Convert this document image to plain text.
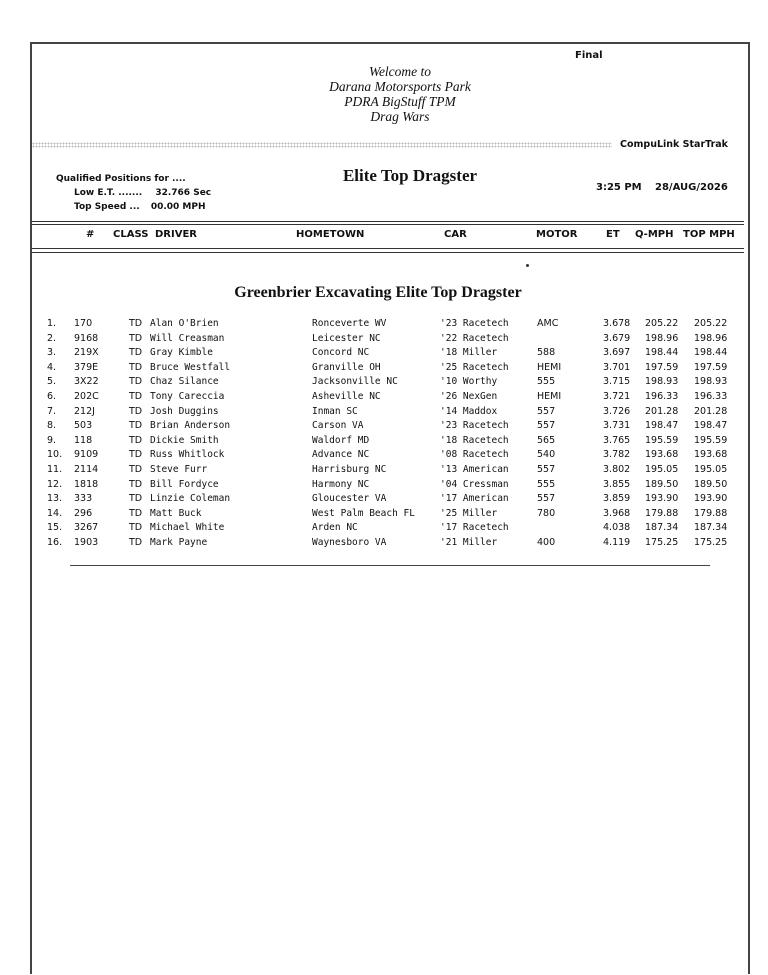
Final
Welcome to
Darana Motorsports Park
PDRA BigStuff TPM
Drag Wars
CompuLink StarTrak
Qualified Positions for ....
Low E.T. ....... 32.766 Sec
Top Speed ... 00.00 MPH
Elite Top Dragster
3:25 PM 28/AUG/2026
# CLASS DRIVER	HOMETOWN	CAR	MOTOR	ET Q-MPH TOP MPH
Greenbrier Excavating Elite Top Dragster
1. 170	TD Alan O'Brien	Ronceverte WV	'23 Racetech	AMC	3.678 205.22 205.22
2. 9168	TD Will Creasman	Leicester NC	'22 Racetech	3.679 198.96 198.96
3. 219X	TD Gray Kimble	Concord NC	'18 Miller	588	3.697 198.44 198.44
4. 379E	TD Bruce Westfall	Granville OH	'25 Racetech	HEMI	3.701 197.59 197.59
5. 3X22	TD Chaz Silance	Jacksonville NC	'10 Worthy	555	3.715 198.93 198.93
6. 202C	TD Tony Careccia	Asheville NC	'26 NexGen	HEMI	3.721 196.33 196.33
7. 212J	TD Josh Duggins	Inman SC	'14 Maddox	557	3.726 201.28 201.28
8. 503	TD Brian Anderson	Carson VA	'23 Racetech	557	3.731 198.47 198.47
9. 118	TD Dickie Smith	Waldorf MD	'18 Racetech	565	3.765 195.59 195.59
10. 9109	TD Russ Whitlock	Advance NC	'08 Racetech	540	3.782 193.68 193.68
11. 2114	TD Steve Furr	Harrisburg NC	'13 American	557	3.802 195.05 195.05
12. 1818	TD Bill Fordyce	Harmony NC	'04 Cressman	555	3.855 189.50 189.50
13. 333	TD Linzie Coleman	Gloucester VA	'17 American	557	3.859 193.90 193.90
14. 296	TD Matt Buck	West Palm Beach FL	'25 Miller	780	3.968 179.88 179.88
15. 3267	TD Michael White	Arden NC	'17 Racetech	4.038 187.34 187.34
16. 1903	TD Mark Payne	Waynesboro VA	'21 Miller	400	4.119 175.25 175.25
